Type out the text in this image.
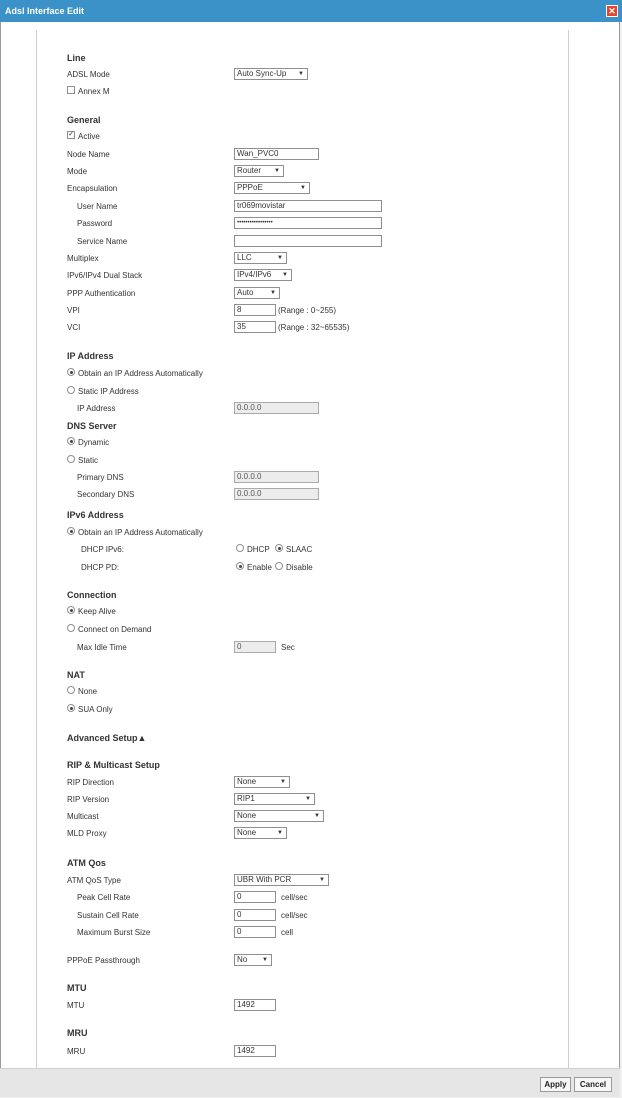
Adsl Interface Edit	✕
Line
ADSL Mode	Auto Sync-Up ▼
Annex M
General
✓ Active
Node Name	Wan_PVC0
Mode	Router ▼
Encapsulation	PPPoE	▼
User Name	tr069movistar
Password	•••••••••••••••••
Service Name
Multiplex	LLC	▼
IPv6/IPv4 Dual Stack	IPv4/IPv6 ▼
PPP Authentication	Auto	▼
VPI	8	(Range : 0~255)
VCI	35	(Range : 32~65535)
IP Address
Obtain an IP Address Automatically
Static IP Address
IP Address	0.0.0.0
DNS Server
Dynamic
Static
Primary DNS	0.0.0.0
Secondary DNS	0.0.0.0
IPv6 Address
Obtain an IP Address Automatically
DHCP IPv6:	DHCP SLAAC
DHCP PD:	Enable Disable
Connection
Keep Alive
Connect on Demand
Max Idle Time	0	Sec
NAT
None
SUA Only
Advanced Setup▲
RIP & Multicast Setup
RIP Direction	None	▼
RIP Version	RIP1	▼
Multicast	None	▼
MLD Proxy	None	▼
ATM Qos
ATM QoS Type	UBR With PCR	▼
Peak Cell Rate	0	cell/sec
Sustain Cell Rate	0	cell/sec
Maximum Burst Size	0	cell
PPPoE Passthrough	No ▼
MTU
MTU	1492
MRU
MRU	1492
Apply	Cancel
